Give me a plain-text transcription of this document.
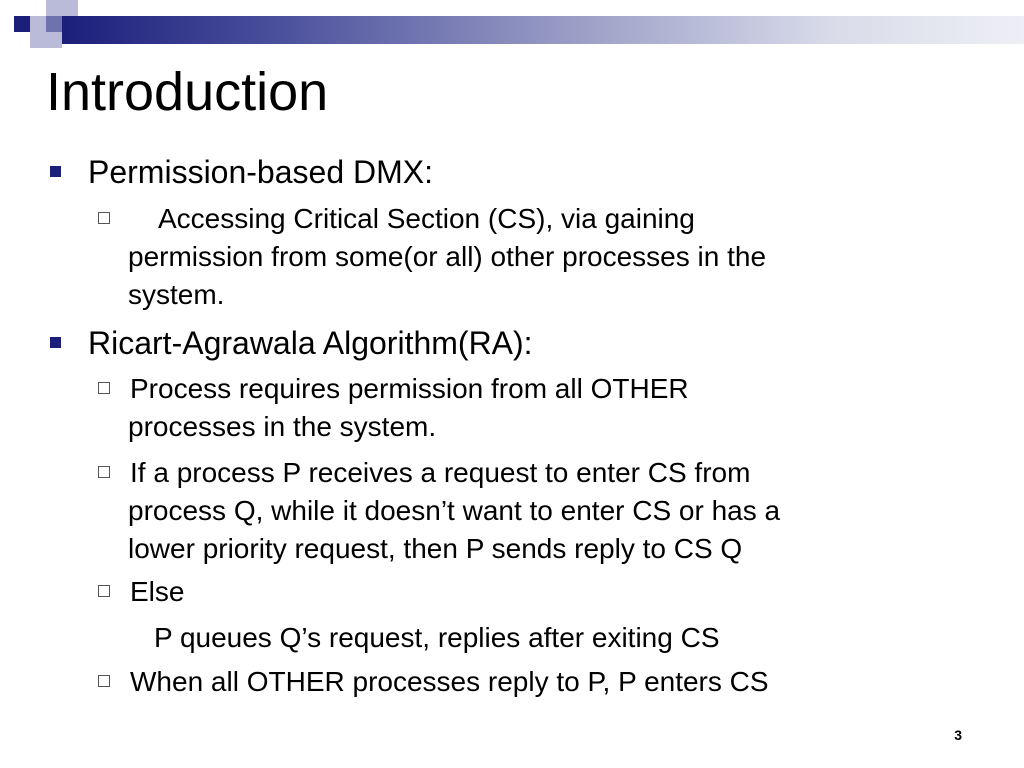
Introduction
Permission-based DMX:
Accessing Critical Section (CS), via gaining
permission from some(or all) other processes in the
system.
Ricart-Agrawala Algorithm(RA):
Process requires permission from all OTHER
processes in the system.
If a process P receives a request to enter CS from
process Q, while it doesn’t want to enter CS or has a
lower priority request, then P sends reply to CS Q
Else
P queues Q’s request, replies after exiting CS
When all OTHER processes reply to P, P enters CS
3
